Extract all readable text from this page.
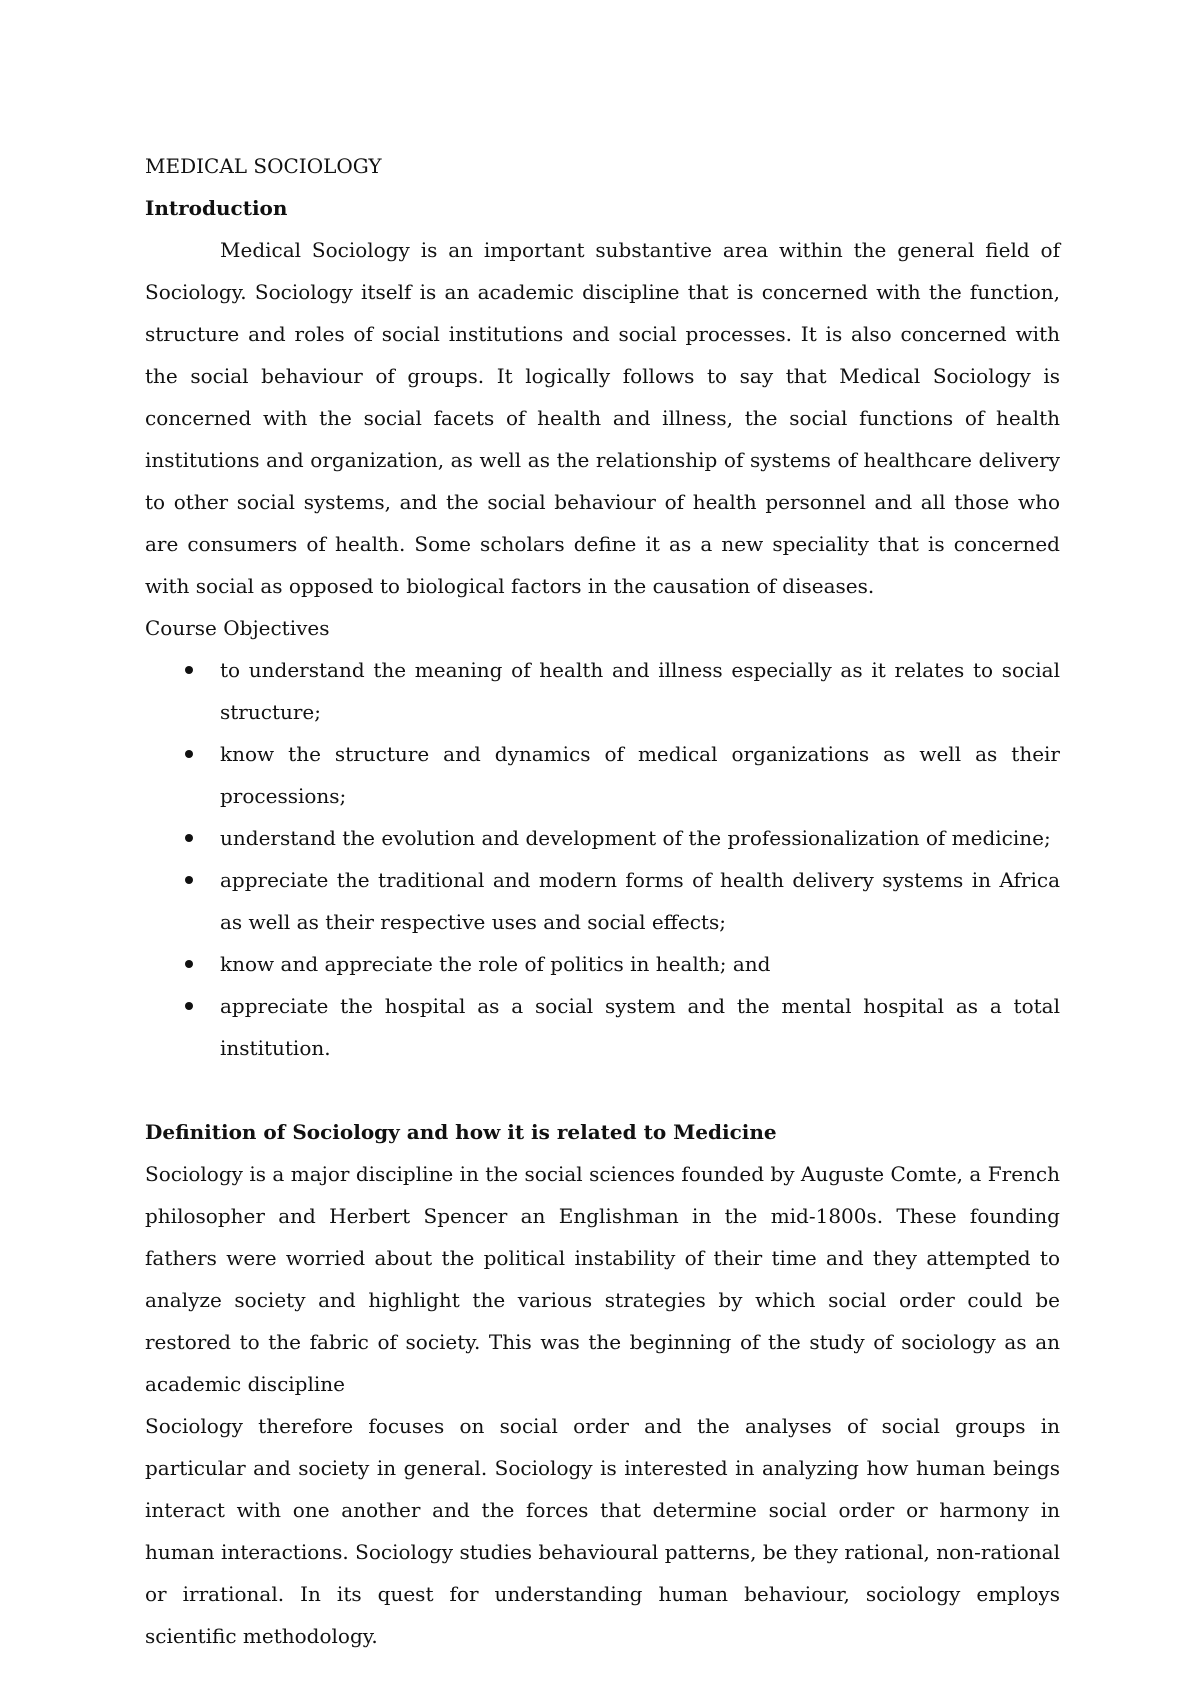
MEDICAL SOCIOLOGY
Introduction

Medical Sociology is an important substantive area within the general field of Sociology. Sociology itself is an academic discipline that is concerned with the function, structure and roles of social institutions and social processes. It is also concerned with the social behaviour of groups. It logically follows to say that Medical Sociology is concerned with the social facets of health and illness, the social functions of health institutions and organization, as well as the relationship of systems of healthcare delivery to other social systems, and the social behaviour of health personnel and all those who are consumers of health. Some scholars define it as a new speciality that is concerned with social as opposed to biological factors in the causation of diseases.

Course Objectives

to understand the meaning of health and illness especially as it relates to social structure;
know the structure and dynamics of medical organizations as well as their processions;
understand the evolution and development of the professionalization of medicine;
appreciate the traditional and modern forms of health delivery systems in Africa as well as their respective uses and social effects;
know and appreciate the role of politics in health; and
appreciate the hospital as a social system and the mental hospital as a total institution.
Definition of Sociology and how it is related to Medicine

Sociology is a major discipline in the social sciences founded by Auguste Comte, a French philosopher and Herbert Spencer an Englishman in the mid-1800s. These founding fathers were worried about the political instability of their time and they attempted to analyze society and highlight the various strategies by which social order could be restored to the fabric of society. This was the beginning of the study of sociology as an academic discipline

Sociology therefore focuses on social order and the analyses of social groups in particular and society in general. Sociology is interested in analyzing how human beings interact with one another and the forces that determine social order or harmony in human interactions. Sociology studies behavioural patterns, be they rational, non-rational or irrational. In its quest for understanding human behaviour, sociology employs scientific methodology.
